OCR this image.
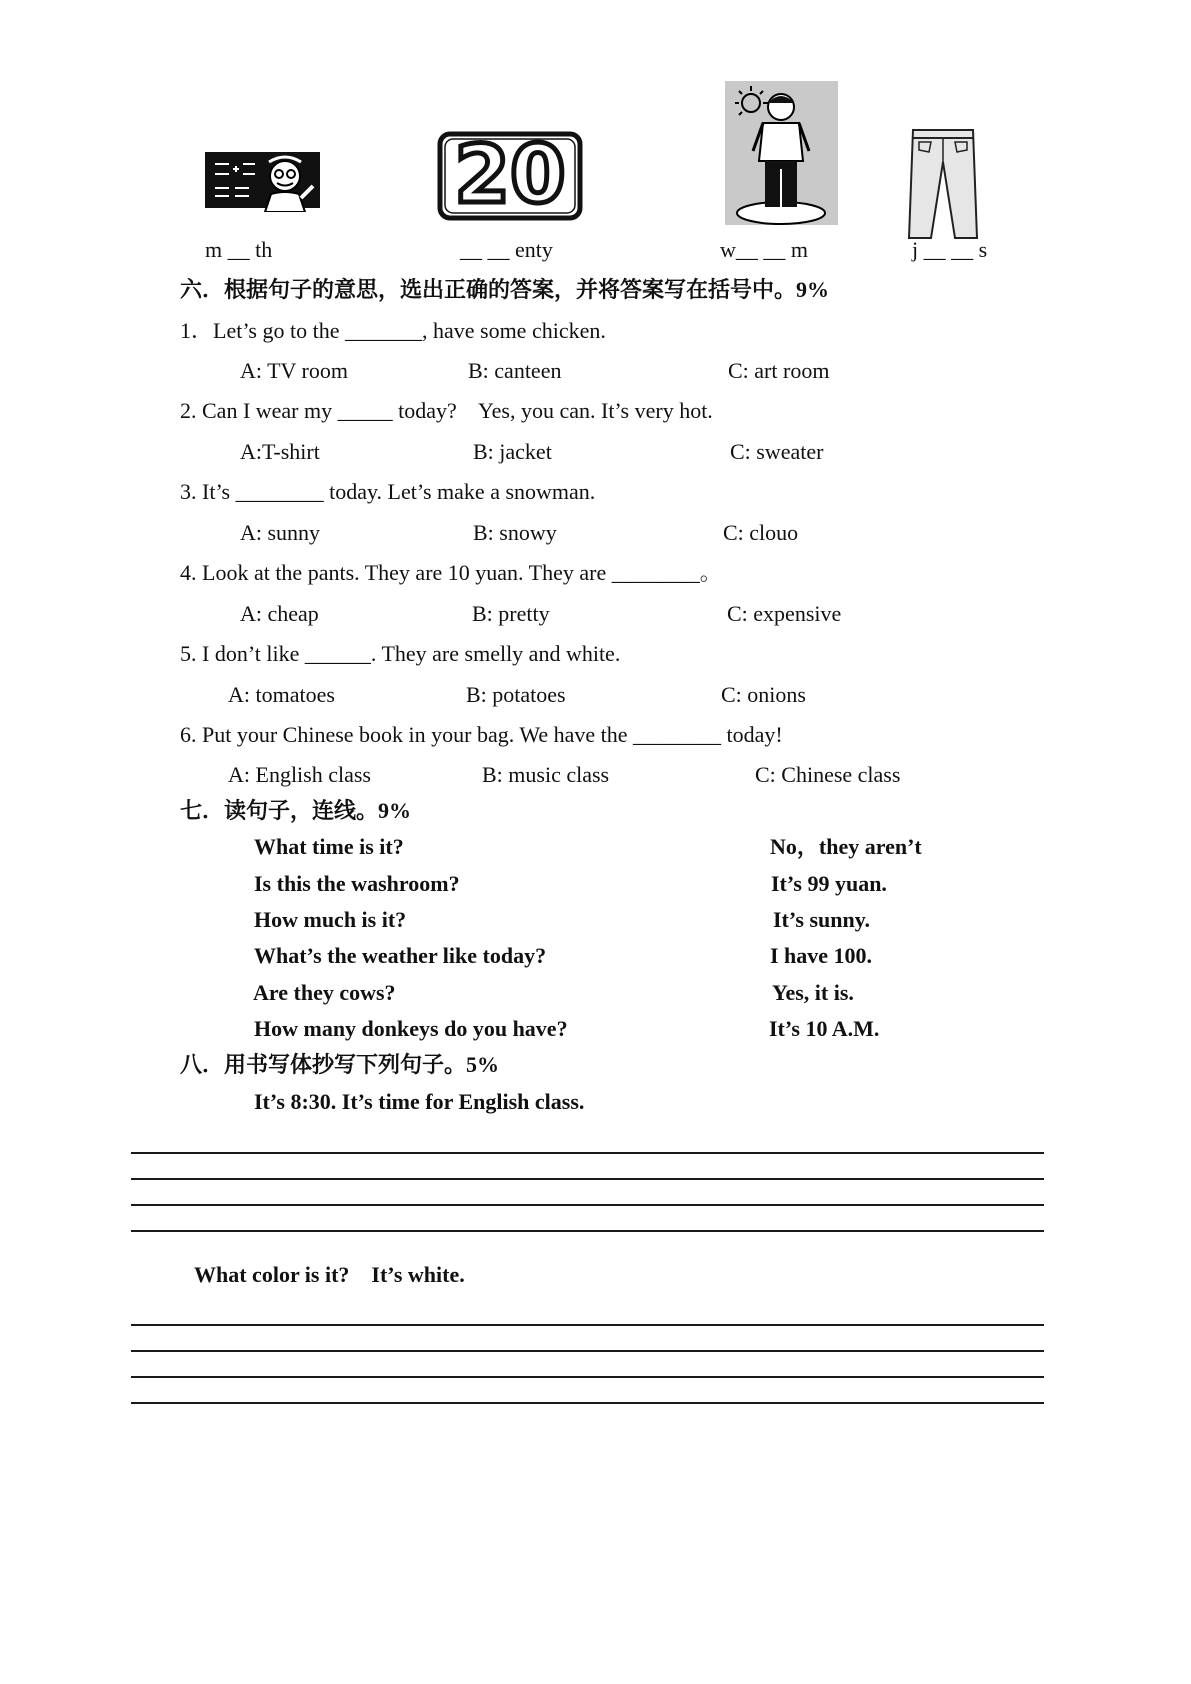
20
m __ th	__ __ enty	w__ __ m	j __ __ s
六．根据句子的意思，选出正确的答案，并将答案写在括号中。9%
1．Let’s go to the _______, have some chicken.
A: TV room	B: canteen	C: art room
2. Can I wear my _____ today?    Yes, you can. It’s very hot.
A:T-shirt	B: jacket	C: sweater
3. It’s ________ today. Let’s make a snowman.
A: sunny	B: snowy	C: clouo
4. Look at the pants. They are 10 yuan. They are ________。
A: cheap	B: pretty	C: expensive
5. I don’t like ______. They are smelly and white.
A: tomatoes	B: potatoes	C: onions
6. Put your Chinese book in your bag. We have the ________ today!
A: English class	B: music class	C: Chinese class
七．读句子，连线。9%
What time is it?	No，they aren’t
Is this the washroom?	It’s 99 yuan.
How much is it?	It’s sunny.
What’s the weather like today?	I have 100.
Are they cows?	Yes, it is.
How many donkeys do you have?	It’s 10 A.M.
八．用书写体抄写下列句子。5%
It’s 8:30. It’s time for English class.
What color is it?    It’s white.
